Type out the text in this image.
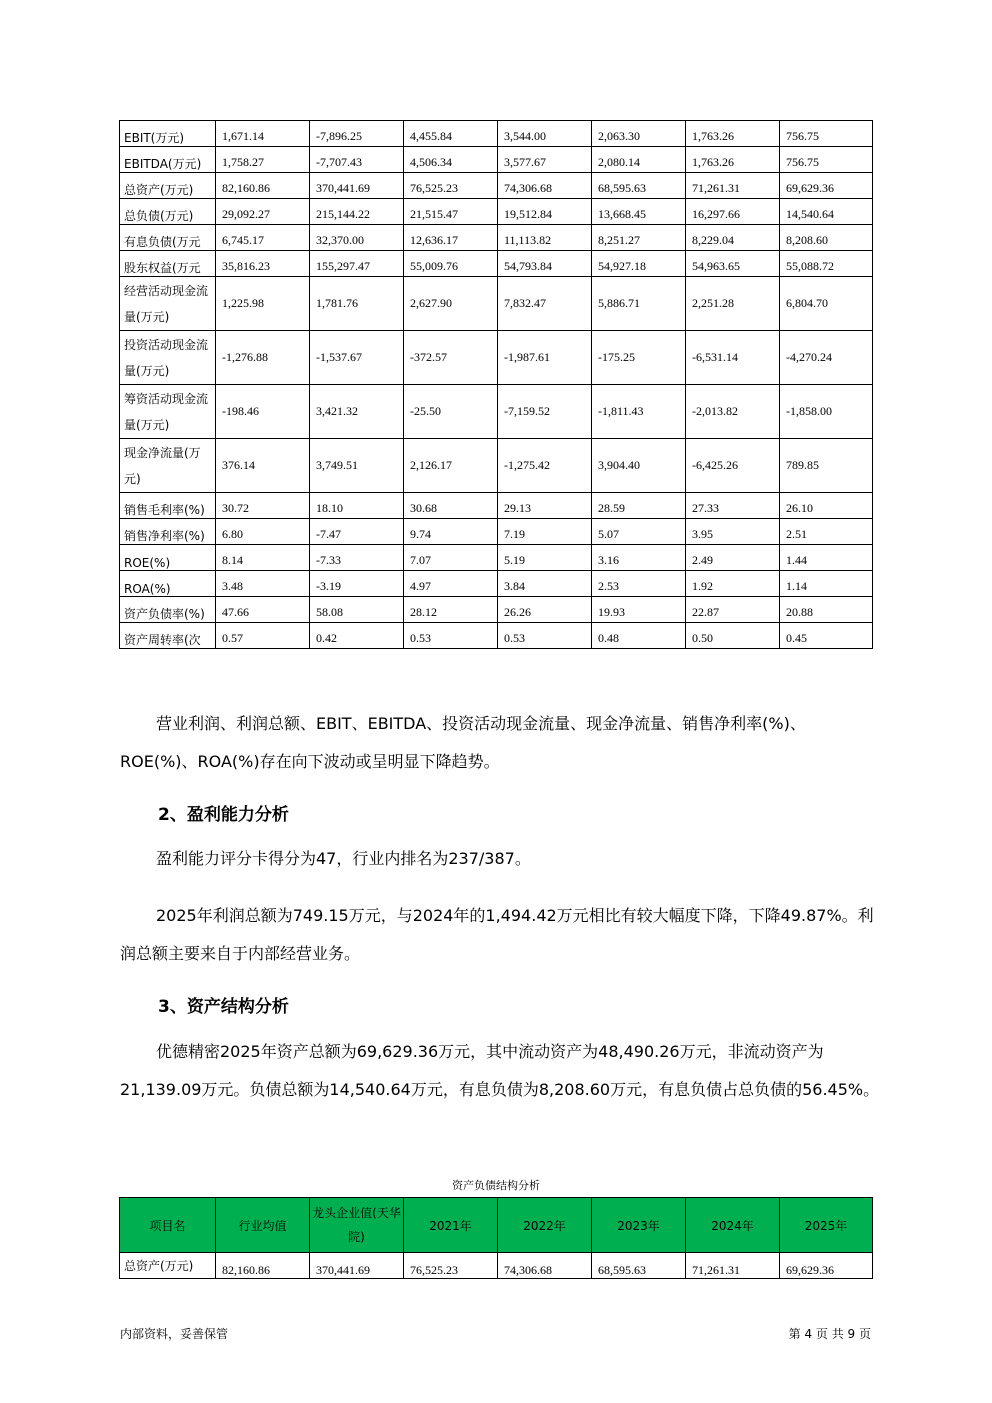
EBIT(万元)	1,671.14	-7,896.25	4,455.84	3,544.00	2,063.30	1,763.26	756.75
EBITDA(万元)	1,758.27	-7,707.43	4,506.34	3,577.67	2,080.14	1,763.26	756.75
总资产(万元)	82,160.86	370,441.69	76,525.23	74,306.68	68,595.63	71,261.31	69,629.36
总负债(万元)	29,092.27	215,144.22	21,515.47	19,512.84	13,668.45	16,297.66	14,540.64
有息负债(万元	6,745.17	32,370.00	12,636.17	11,113.82	8,251.27	8,229.04	8,208.60
股东权益(万元	35,816.23	155,297.47	55,009.76	54,793.84	54,927.18	54,963.65	55,088.72
经营活动现金流量(万元)	1,225.98	1,781.76	2,627.90	7,832.47	5,886.71	2,251.28	6,804.70
投资活动现金流量(万元)	-1,276.88	-1,537.67	-372.57	-1,987.61	-175.25	-6,531.14	-4,270.24
筹资活动现金流量(万元)	-198.46	3,421.32	-25.50	-7,159.52	-1,811.43	-2,013.82	-1,858.00
现金净流量(万元)	376.14	3,749.51	2,126.17	-1,275.42	3,904.40	-6,425.26	789.85
销售毛利率(%)	30.72	18.10	30.68	29.13	28.59	27.33	26.10
销售净利率(%)	6.80	-7.47	9.74	7.19	5.07	3.95	2.51
ROE(%)	8.14	-7.33	7.07	5.19	3.16	2.49	1.44
ROA(%)	3.48	-3.19	4.97	3.84	2.53	1.92	1.14
资产负债率(%)	47.66	58.08	28.12	26.26	19.93	22.87	20.88
资产周转率(次	0.57	0.42	0.53	0.53	0.48	0.50	0.45

营业利润、利润总额、EBIT、EBITDA、投资活动现金流量、现金净流量、销售净利率(%)、ROE(%)、ROA(%)存在向下波动或呈明显下降趋势。

2、盈利能力分析

盈利能力评分卡得分为47，行业内排名为237/387。

2025年利润总额为749.15万元，与2024年的1,494.42万元相比有较大幅度下降，下降49.87%。利润总额主要来自于内部经营业务。

3、资产结构分析

优德精密2025年资产总额为69,629.36万元，其中流动资产为48,490.26万元，非流动资产为21,139.09万元。负债总额为14,540.64万元，有息负债为8,208.60万元，有息负债占总负债的56.45%。

资产负债结构分析
项目名	行业均值	龙头企业值(天华院)	2021年	2022年	2023年	2024年	2025年
总资产(万元)	82,160.86	370,441.69	76,525.23	74,306.68	68,595.63	71,261.31	69,629.36
内部资料，妥善保管	第 4 页 共 9 页
